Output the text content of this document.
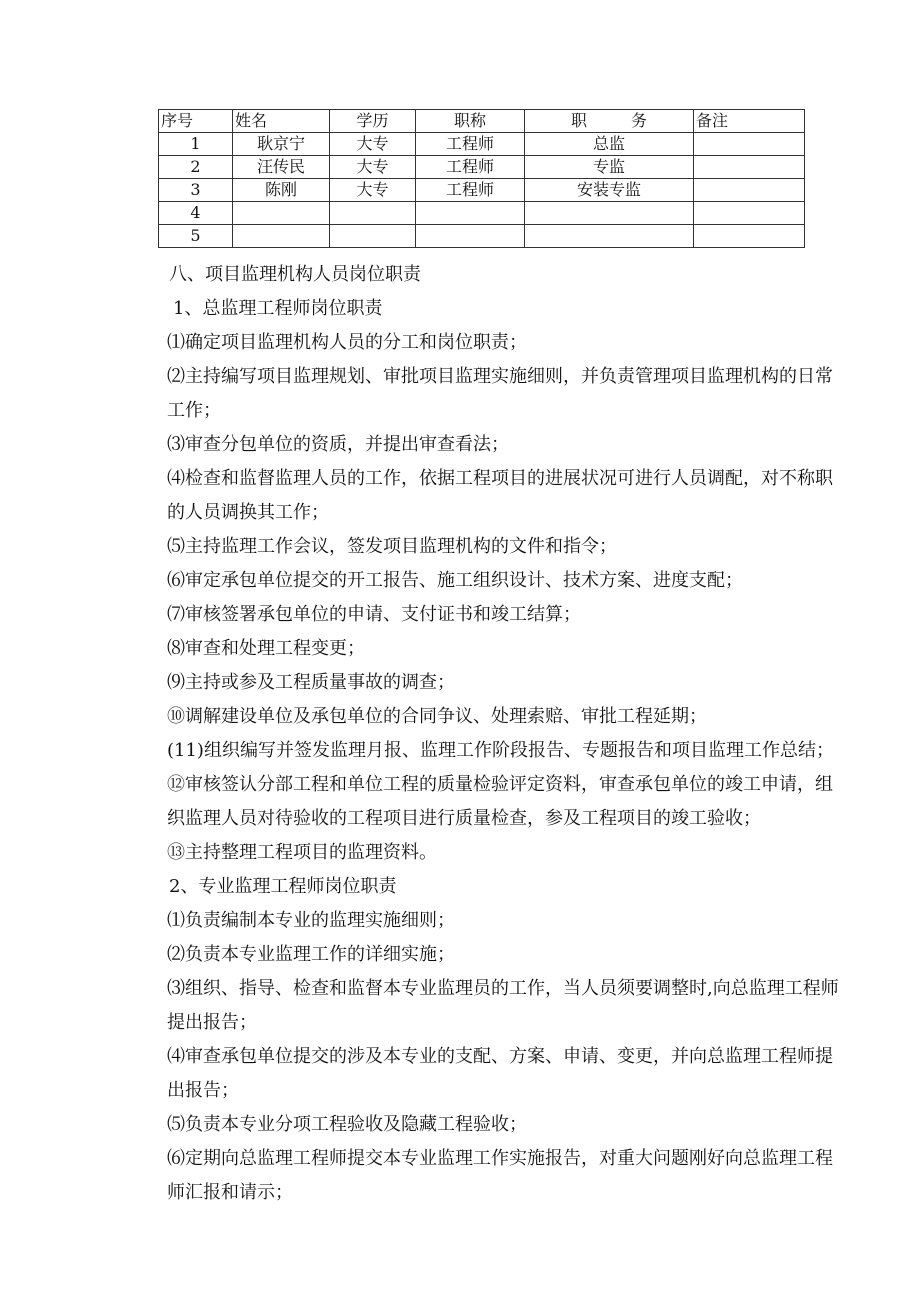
序号	姓名	学历	职称	职务	备注
1	耿京宁	大专	工程师	总监	
2	汪传民	大专	工程师	专监	
3	陈刚	大专	工程师	安装专监	
4					
5					

八、项目监理机构人员岗位职责

1、总监理工程师岗位职责

⑴确定项目监理机构人员的分工和岗位职责；

⑵主持编写项目监理规划、审批项目监理实施细则，并负责管理项目监理机构的日常工作；

⑶审查分包单位的资质，并提出审查看法；

⑷检查和监督监理人员的工作，依据工程项目的进展状况可进行人员调配，对不称职的人员调换其工作；

⑸主持监理工作会议，签发项目监理机构的文件和指令；

⑹审定承包单位提交的开工报告、施工组织设计、技术方案、进度支配；

⑺审核签署承包单位的申请、支付证书和竣工结算；

⑻审查和处理工程变更；

⑼主持或参及工程质量事故的调查；

⑩调解建设单位及承包单位的合同争议、处理索赔、审批工程延期；

(11)组织编写并签发监理月报、监理工作阶段报告、专题报告和项目监理工作总结；

⑫审核签认分部工程和单位工程的质量检验评定资料，审查承包单位的竣工申请，组织监理人员对待验收的工程项目进行质量检查，参及工程项目的竣工验收；

⑬主持整理工程项目的监理资料。

2、专业监理工程师岗位职责

⑴负责编制本专业的监理实施细则；

⑵负责本专业监理工作的详细实施；

⑶组织、指导、检查和监督本专业监理员的工作，当人员须要调整时,向总监理工程师提出报告；

⑷审查承包单位提交的涉及本专业的支配、方案、申请、变更，并向总监理工程师提出报告；

⑸负责本专业分项工程验收及隐藏工程验收；

⑹定期向总监理工程师提交本专业监理工作实施报告，对重大问题刚好向总监理工程师汇报和请示；
